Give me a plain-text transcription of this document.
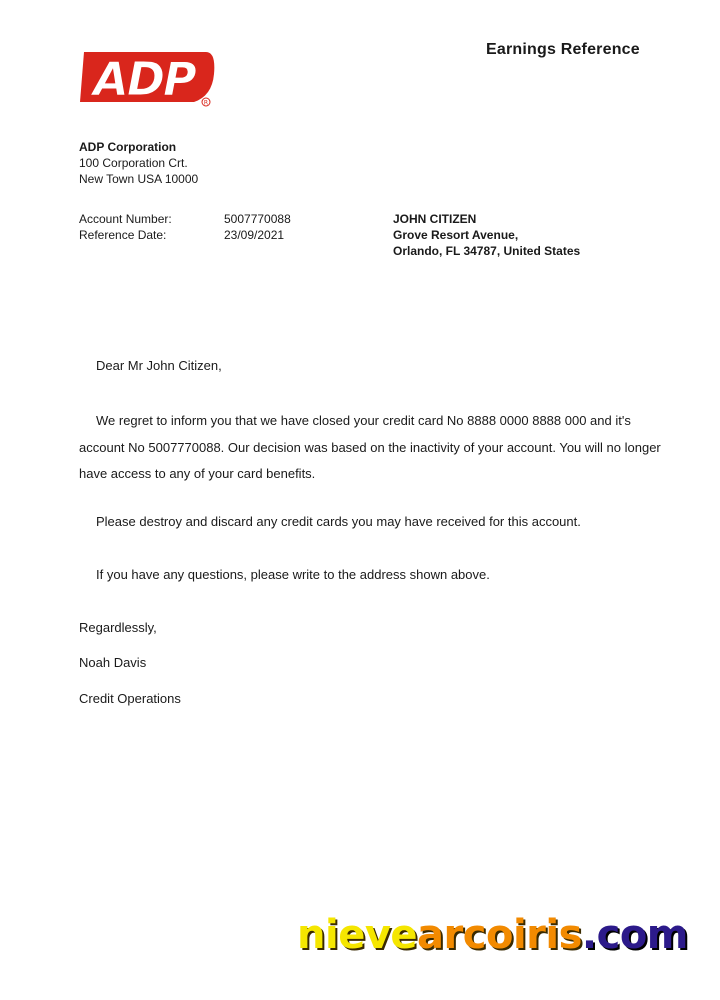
ADP	R
Earnings Reference
ADP Corporation
100 Corporation Crt.
New Town USA 10000
Account Number:	5007770088
Reference Date:	23/09/2021
JOHN CITIZEN
Grove Resort Avenue,
Orlando, FL 34787, United States
Dear Mr John Citizen,
We regret to inform you that we have closed your credit card No 8888 0000 8888 000 and it's account No 5007770088. Our decision was based on the inactivity of your account. You will no longer have access to any of your card benefits.
Please destroy and discard any credit cards you may have received for this account.
If you have any questions, please write to the address shown above.
Regardlessly,
Noah Davis
Credit Operations
nievearcoiris.com
